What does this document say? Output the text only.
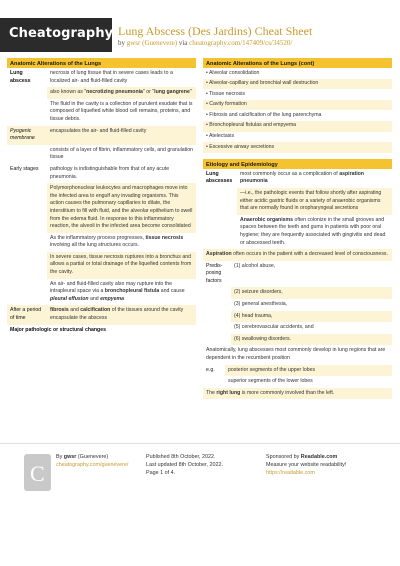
Cheatography Lung Abscess (Des Jardins) Cheat Sheet
by gwsr (Guenevere) via cheatography.com/147409/cs/34520/
Anatomic Alterations of the Lungs
Lung abscess
necrosis of lung tissue that in severe cases leads to a localized air- and fluid-filled cavity
also known as "necrotizing pneumonia" or "lung gangrene"
The fluid in the cavity is a collection of purulent exudate that is composed of liquefied white blood cell remains, proteins, and tissue debris.
Pyogenic membrane
encapsulates the air- and fluid-filled cavity
consists of a layer of fibrin, inflammatory cells, and granulation tissue
Early stages	pathology is indistinguishable from that of any acute pneumonia.
Polymorphonuclear leukocytes and macrophages move into the infected area to engulf any invading organisms. This action causes the pulmonary capillaries to dilate, the interstitium to fill with fluid, and the alveolar epithelium to swell from the edema fluid. In response to this inflammatory reaction, the alveoli in the infected area become consolidated
As the inflammatory process progresses, tissue necrosis involving all the lung structures occurs.
In severe cases, tissue necrosis ruptures into a bronchus and allows a partial or total drainage of the liquefied contents from the cavity.
An air- and fluid-filled cavity also may rupture into the intrapleural space via a bronchopleural fistula and cause pleural effusion and empyema
After a period of time
fibrosis and calcification of the tissues around the cavity encapsulate the abscess
Major pathologic or structural changes
Anatomic Alterations of the Lungs (cont)
• Alveolar consolidation
• Alveolar-capillary and bronchial wall destruction
• Tissue necrosis
• Cavity formation
• Fibrosis and calcification of the lung parenchyma
• Bronchopleural fistulas and empyema
• Atelectasis
• Excessive airway secretions
Etiology and Epidemiology
Lung abscesses
most commonly occur as a complication of aspiration pneumonia
—i.e., the pathologic events that follow shortly after aspirating either acidic gastric fluids or a variety of anaerobic organisms that are normally found in oropharyngeal secretions
Anaerobic organisms often colonize in the small grooves and spaces between the teeth and gums in patients with poor oral hygiene; they are frequently associated with gingivitis and dead or abscessed teeth.
Aspiration often occurs in the patient with a decreased level of consciousness.
Predis-posing factors
(1) alcohol abuse,
(2) seizure disorders,
(3) general anesthesia,
(4) head trauma,
(5) cerebrovascular accidents, and
(6) swallowing disorders.
Anatomically, lung abscesses most commonly develop in lung regions that are dependent in the recumbent position
e.g.	posterior segments of the upper lobes
superior segments of the lower lobes
The right lung is more commonly involved than the left.
C
By gwsr (Guenevere)
cheatography.com/guenevere/
Published 8th October, 2022.
Last updated 8th October, 2022.
Page 1 of 4.
Sponsored by Readable.com
Measure your website readability!
https://readable.com
